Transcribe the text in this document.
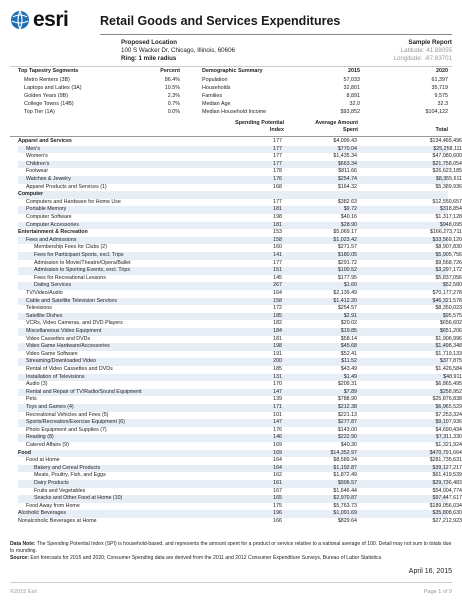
esri	Retail Goods and Services Expenditures
Proposed Location
100 S Wacker Dr, Chicago, Illinois, 60606
Ring: 1 mile radius
Sample Report
Latitude: 41.88055
Longitude: -87.63701
Top Tapestry Segments	Percent	Demographic Summary	2015	2020
Metro Renters (3B)	86.4%	Population	57,033	61,397
Laptops and Lattes (3A)	10.5%	Households	32,801	35,719
Golden Years (9B)	2.3%	Families	8,891	9,575
College Towns (14B)	0.7%	Median Age	32.0	32.3
Top Tier (1A)	0.0%	Median Household Income	$93,852	$104,122
Spending Potential
Index
Average Amount
Spent	Total
Apparel and Services	177	$4,099.43	$134,465,496
Men's	177	$770.04	$25,258,111
Women's	177	$1,435.34	$47,080,600
Children's	177	$663.34	$21,758,054
Footwear	178	$811.66	$26,623,185
Watches & Jewelry	176	$254.74	$8,355,611
Apparel Products and Services (1)	168	$164.32	$5,389,936
Computer
Computers and Hardware for Home Use	177	$382.63	$12,550,657
Portable Memory	181	$9.72	$318,854
Computer Software	198	$40.16	$1,317,128
Computer Accessories	181	$28.90	$948,095
Entertainment & Recreation	153	$5,069.17	$166,273,711
Fees and Admissions	158	$1,023.42	$33,569,120
Membership Fees for Clubs (2)	160	$271.57	$8,907,830
Fees for Participant Sports, excl. Trips	141	$180.05	$5,905,756
Admission to Movie/Theatre/Opera/Ballet	177	$291.72	$9,568,726
Admission to Sporting Events, excl. Trips	151	$100.52	$3,297,172
Fees for Recreational Lessons	145	$177.95	$5,837,056
Dating Services	267	$1.60	$52,580
TV/Video/Audio	164	$2,139.49	$70,177,278
Cable and Satellite Television Services	158	$1,412.20	$46,321,578
Televisions	172	$254.57	$8,350,023
Satellite Dishes	185	$2.91	$95,575
VCRs, Video Cameras, and DVD Players	182	$20.02	$656,602
Miscellaneous Video Equipment	184	$19.85	$651,206
Video Cassettes and DVDs	181	$58.14	$1,906,996
Video Game Hardware/Accessories	198	$45.68	$1,498,348
Video Game Software	191	$52.41	$1,719,133
Streaming/Downloaded Video	200	$11.52	$377,875
Rental of Video Cassettes and DVDs	185	$43.49	$1,426,584
Installation of Televisions	131	$1.49	$48,911
Audio (3)	170	$209.31	$6,865,495
Rental and Repair of TV/Radio/Sound Equipment	147	$7.89	$258,952
Pets	139	$788.90	$25,876,838
Toys and Games (4)	171	$212.38	$6,965,529
Recreational Vehicles and Fees (5)	101	$221.13	$7,253,324
Sports/Recreation/Exercise Equipment (6)	147	$277.87	$9,107,936
Photo Equipment and Supplies (7)	176	$143.00	$4,690,434
Reading (8)	146	$222.90	$7,311,330
Catered Affairs (9)	169	$40.30	$1,321,924
Food	169	$14,352.97	$470,791,664
Food at Home	164	$8,589.24	$281,735,631
Bakery and Cereal Products	164	$1,192.87	$39,127,217
Meats, Poultry, Fish, and Eggs	162	$1,872.49	$61,419,539
Dairy Products	161	$906.57	$29,736,483
Fruits and Vegetables	167	$1,646.44	$54,004,774
Snacks and Other Food at Home (10)	165	$2,970.87	$97,447,617
Food Away from Home	175	$5,763.73	$189,056,034
Alcoholic Beverages	196	$1,091.69	$35,808,630
Nonalcoholic Beverages at Home	166	$829.64	$27,212,923
Data Note: The Spending Potential Index (SPI) is household-based, and represents the amount spent for a product or service relative to a national average of 100. Detail may not sum to totals due to rounding.
Source: Esri forecasts for 2015 and 2020; Consumer Spending data are derived from the 2011 and 2012 Consumer Expenditure Surveys, Bureau of Labor Statistics.
April 16, 2015
©2015 Esri	Page 1 of 9
